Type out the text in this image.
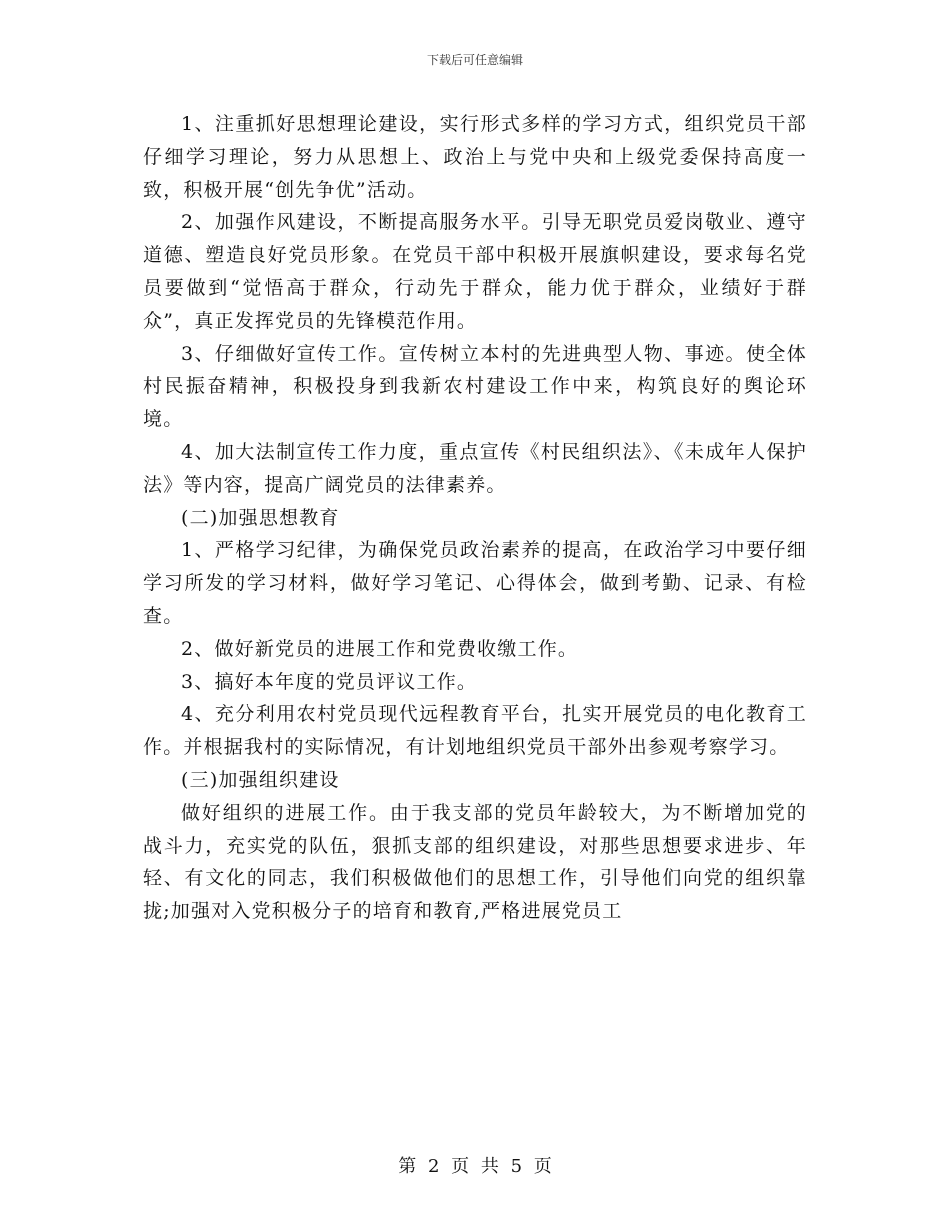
下载后可任意编辑

1、注重抓好思想理论建设，实行形式多样的学习方式，组织党员干部仔细学习理论，努力从思想上、政治上与党中央和上级党委保持高度一致，积极开展“创先争优”活动。

2、加强作风建设，不断提高服务水平。引导无职党员爱岗敬业、遵守道德、塑造良好党员形象。在党员干部中积极开展旗帜建设，要求每名党员要做到“觉悟高于群众，行动先于群众，能力优于群众，业绩好于群众”，真正发挥党员的先锋模范作用。

3、仔细做好宣传工作。宣传树立本村的先进典型人物、事迹。使全体村民振奋精神，积极投身到我新农村建设工作中来，构筑良好的舆论环境。

4、加大法制宣传工作力度，重点宣传《村民组织法》、《未成年人保护法》等内容，提高广阔党员的法律素养。

(二)加强思想教育

1、严格学习纪律，为确保党员政治素养的提高，在政治学习中要仔细学习所发的学习材料，做好学习笔记、心得体会，做到考勤、记录、有检查。

2、做好新党员的进展工作和党费收缴工作。

3、搞好本年度的党员评议工作。

4、充分利用农村党员现代远程教育平台，扎实开展党员的电化教育工作。并根据我村的实际情况，有计划地组织党员干部外出参观考察学习。

(三)加强组织建设

做好组织的进展工作。由于我支部的党员年龄较大，为不断增加党的战斗力，充实党的队伍，狠抓支部的组织建设，对那些思想要求进步、年轻、有文化的同志，我们积极做他们的思想工作，引导他们向党的组织靠拢;加强对入党积极分子的培育和教育,严格进展党员工

第 2 页 共 5 页
